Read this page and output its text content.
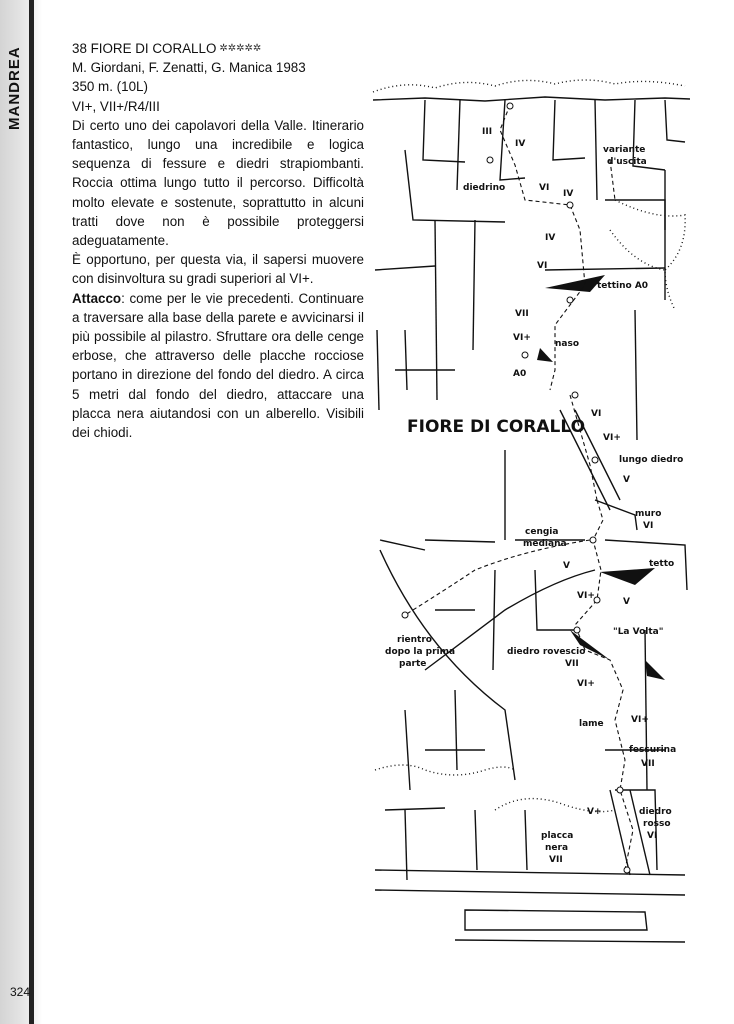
MANDREA
324

38 FIORE DI CORALLO ✲✲✲✲✲

M. Giordani, F. Zenatti, G. Manica 1983

350 m. (10L)

VI+, VII+/R4/III

Di certo uno dei capolavori della Valle. Itinerario fantastico, lungo una incredibile e logica sequenza di fessure e diedri strapiombanti. Roccia ottima lungo tutto il percorso. Difficoltà molto elevate e sostenute, soprattutto in alcuni tratti dove non è possibile proteggersi adeguatamente.

È opportuno, per questa via, il sapersi muovere con disinvoltura su gradi superiori al VI+.

Attacco: come per le vie precedenti. Continuare a traversare alla base della parete e avvicinarsi il più possibile al pilastro. Sfruttare ora delle cenge erbose, che attraverso delle placche rocciose portano in direzione del fondo del diedro. A circa 5 metri dal fondo del diedro, attaccare una placca nera aiutandosi con un alberello. Visibili dei chiodi.	FIORE DI CORALLO
III
IV
variante
d'uscita
diedrino	VI
IV
IV
VI
tettino A0
VII
VI+
naso
A0
VI
VI+
lungo diedro
V
muro
VI
cengia
mediana
V	tetto
VI+
V
"La Volta"
rientro
dopo la prima
parte
diedro rovescio
VII
VI+
lame	VI+
fessurina
VII
V+	diedro
rosso
VI
placca
nera
VII
